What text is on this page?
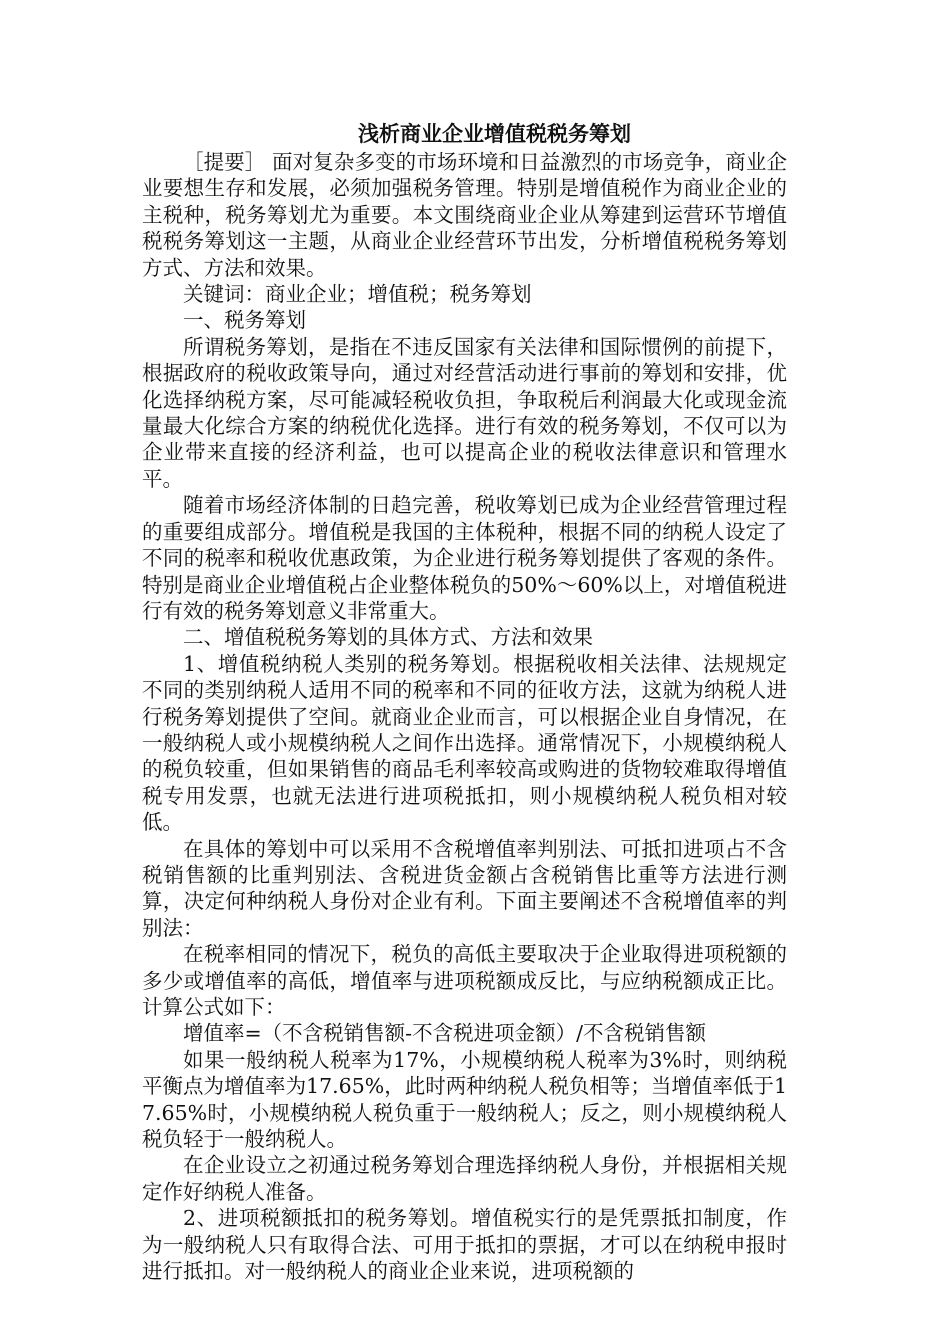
浅析商业企业增值税税务筹划

［提要］ 面对复杂多变的市场环境和日益激烈的市场竞争，商业企业要想生存和发展，必须加强税务管理。特别是增值税作为商业企业的主税种，税务筹划尤为重要。本文围绕商业企业从筹建到运营环节增值税税务筹划这一主题，从商业企业经营环节出发，分析增值税税务筹划方式、方法和效果。

关键词：商业企业；增值税；税务筹划

一、税务筹划

所谓税务筹划，是指在不违反国家有关法律和国际惯例的前提下，根据政府的税收政策导向，通过对经营活动进行事前的筹划和安排，优化选择纳税方案，尽可能减轻税收负担，争取税后利润最大化或现金流量最大化综合方案的纳税优化选择。进行有效的税务筹划，不仅可以为企业带来直接的经济利益，也可以提高企业的税收法律意识和管理水平。

随着市场经济体制的日趋完善，税收筹划已成为企业经营管理过程的重要组成部分。增值税是我国的主体税种，根据不同的纳税人设定了不同的税率和税收优惠政策，为企业进行税务筹划提供了客观的条件。特别是商业企业增值税占企业整体税负的50%～60%以上，对增值税进行有效的税务筹划意义非常重大。

二、增值税税务筹划的具体方式、方法和效果

1、增值税纳税人类别的税务筹划。根据税收相关法律、法规规定不同的类别纳税人适用不同的税率和不同的征收方法，这就为纳税人进行税务筹划提供了空间。就商业企业而言，可以根据企业自身情况，在一般纳税人或小规模纳税人之间作出选择。通常情况下，小规模纳税人的税负较重，但如果销售的商品毛利率较高或购进的货物较难取得增值税专用发票，也就无法进行进项税抵扣，则小规模纳税人税负相对较低。

在具体的筹划中可以采用不含税增值率判别法、可抵扣进项占不含税销售额的比重判别法、含税进货金额占含税销售比重等方法进行测算，决定何种纳税人身份对企业有利。下面主要阐述不含税增值率的判别法：

在税率相同的情况下，税负的高低主要取决于企业取得进项税额的多少或增值率的高低，增值率与进项税额成反比，与应纳税额成正比。计算公式如下：

增值率=（不含税销售额-不含税进项金额）/不含税销售额

如果一般纳税人税率为17%，小规模纳税人税率为3%时，则纳税平衡点为增值率为17.65%，此时两种纳税人税负相等；当增值率低于17.65%时，小规模纳税人税负重于一般纳税人；反之，则小规模纳税人税负轻于一般纳税人。

在企业设立之初通过税务筹划合理选择纳税人身份，并根据相关规定作好纳税人准备。

2、进项税额抵扣的税务筹划。增值税实行的是凭票抵扣制度，作为一般纳税人只有取得合法、可用于抵扣的票据，才可以在纳税申报时进行抵扣。对一般纳税人的商业企业来说，进项税额的
